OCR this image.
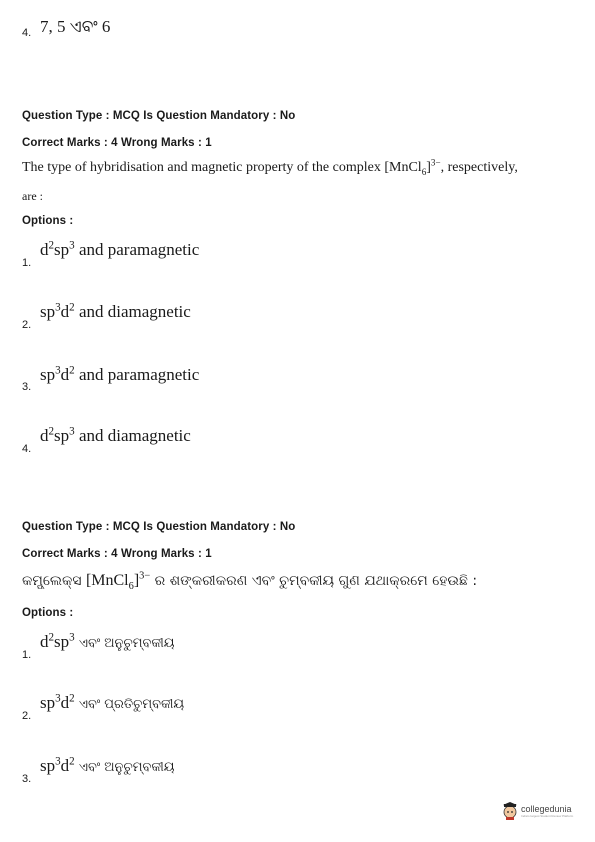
4. 7, 5 ଏବଂ 6
Question Type : MCQ Is Question Mandatory : No
Correct Marks : 4 Wrong Marks : 1
The type of hybridisation and magnetic property of the complex [MnCl$_6$]$^{3-}$, respectively,
are :
Options :
1.
$d^2sp^3$ and paramagnetic
2.
$sp^3d^2$ and diamagnetic
3.
$sp^3d^2$ and paramagnetic
4.
$d^2sp^3$ and diamagnetic
Question Type : MCQ Is Question Mandatory : No
Correct Marks : 4 Wrong Marks : 1
କମ୍ପ୍ଲେକ୍ସ [MnCl$_6$]$^{3-}$ ର ଶଙ୍କରୀକରଣ ଏବଂ ଚୁମ୍ବକୀୟ ଗୁଣ ଯଥାକ୍ରମେ ହେଉଛି :
Options :
1.
$d^2sp^3$ ଏବଂ ଅନୁଚୁମ୍ବକୀୟ
2.
$sp^3d^2$ ଏବଂ ପ୍ରତିଚୁମ୍ବକୀୟ
3.
$sp^3d^2$ ଏବଂ ଅନୁଚୁମ୍ବକୀୟ
collegedunia
India's largest Student Review Platform
